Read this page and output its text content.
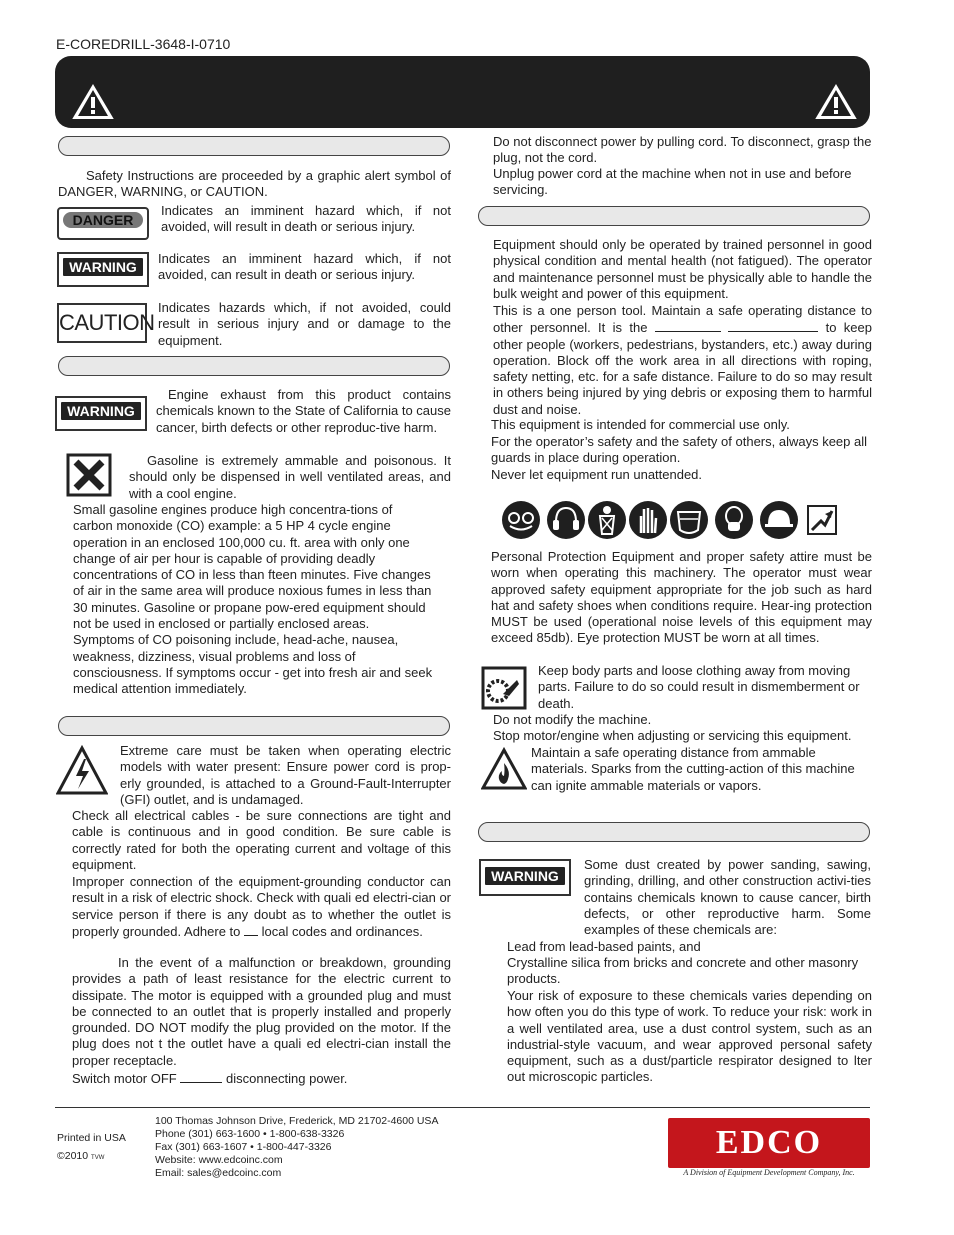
E-COREDRILL-3648-I-0710
Safety Instructions are proceeded by a graphic alert symbol of DANGER, WARNING, or CAUTION.
DANGER
Indicates an imminent hazard which, if not avoided, will result in death or serious injury.
WARNING
Indicates an imminent hazard which, if not avoided, can result in death or serious injury.
CAUTION
Indicates hazards which, if not avoided, could result in serious injury and or damage to the equipment.
WARNING
Engine exhaust from this product contains chemicals known to the State of California to cause cancer, birth defects or other reproduc-tive harm.
Gasoline is extremely ammable and poisonous. It should only be dispensed in well ventilated areas, and with a cool engine.
Small gasoline engines produce high concentra-tions of carbon monoxide (CO) example: a 5 HP 4 cycle engine operation in an enclosed 100,000 cu. ft. area with only one change of air per hour is capable of providing deadly concentrations of CO in less than fteen minutes. Five changes of air in the same area will produce noxious fumes in less than 30 minutes. Gasoline or propane pow-ered equipment should not be used in enclosed or partially enclosed areas. Symptoms of CO poisoning include, head-ache, nausea, weakness, dizziness, visual problems and loss of consciousness. If symptoms occur - get into fresh air and seek medical attention immediately.
Extreme care must be taken when operating electric models with water present: Ensure power cord is prop-erly grounded, is attached to a Ground-Fault-Interrupter (GFI) outlet, and is undamaged.
Check all electrical cables - be sure connections are tight and cable is continuous and in good condition. Be sure cable is correctly rated for both the operating current and voltage of this equipment.
Improper connection of the equipment-grounding conductor can result in a risk of electric shock. Check with quali ed electri-cian or service person if there is any doubt as to whether the outlet is properly grounded. Adhere to local codes and ordinances.
In the event of a malfunction or breakdown, grounding provides a path of least resistance for the electric current to dissipate. The motor is equipped with a grounded plug and must be connected to an outlet that is properly installed and properly grounded. DO NOT modify the plug provided on the motor. If the plug does not t the outlet have a quali ed electri-cian install the proper receptacle.
Switch motor OFF	disconnecting power.
Do not disconnect power by pulling cord. To disconnect, grasp the plug, not the cord.
Unplug power cord at the machine when not in use and before servicing.
Equipment should only be operated by trained personnel in good physical condition and mental health (not fatigued). The operator and maintenance personnel must be physically able to handle the bulk weight and power of this equipment.
This is a one person tool. Maintain a safe operating distance to other personnel. It is the	to keep other people (workers, pedestrians, bystanders, etc.) away during operation. Block off the work area in all directions with roping, safety netting, etc. for a safe distance. Failure to do so may result in others being injured by ying debris or exposing them to harmful dust and noise.
This equipment is intended for commercial use only.
For the operator’s safety and the safety of others, always keep all guards in place during operation.
Never let equipment run unattended.
Personal Protection Equipment and proper safety attire must be worn when operating this machinery. The operator must wear approved safety equipment appropriate for the job such as hard hat and safety shoes when conditions require. Hear-ing protection MUST be used (operational noise levels of this equipment may exceed 85db). Eye protection MUST be worn at all times.
Keep body parts and loose clothing away from moving parts. Failure to do so could result in dismemberment or death.
Do not modify the machine.
Stop motor/engine when adjusting or servicing this equipment.
Maintain a safe operating distance from ammable materials. Sparks from the cutting-action of this machine can ignite ammable materials or vapors.
WARNING
Some dust created by power sanding, sawing, grinding, drilling, and other construction activi-ties contains chemicals known to cause cancer, birth defects, or other reproductive harm. Some examples of these chemicals are:
Lead from lead-based paints, and
Crystalline silica from bricks and concrete and other masonry products.
Your risk of exposure to these chemicals varies depending on how often you do this type of work. To reduce your risk: work in a well ventilated area, use a dust control system, such as an industrial-style vacuum, and wear approved personal safety equipment, such as a dust/particle respirator designed to lter out microscopic particles.
Printed in USA
©2010 TVW
100 Thomas Johnson Drive, Frederick, MD 21702-4600 USA
Phone (301) 663-1600 • 1-800-638-3326
Fax (301) 663-1607 • 1-800-447-3326
Website: www.edcoinc.com
Email: sales@edcoinc.com
EDCO
A Division of Equipment Development Company, Inc.
